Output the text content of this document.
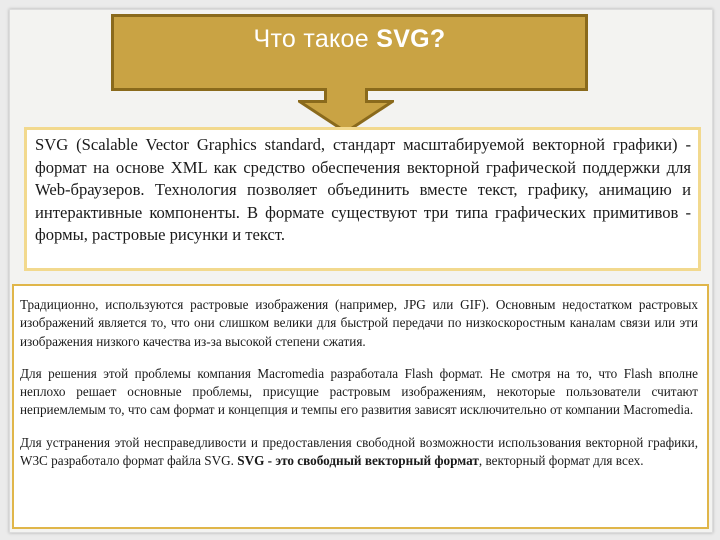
Что такое SVG?

SVG (Scalable Vector Graphics standard, стандарт масштабируемой векторной графики) - формат на основе XML как средство обеспечения векторной графической поддержки для Web-браузеров. Технология позволяет объединить вместе текст, графику, анимацию и интерактивные компоненты. В формате существуют три типа графических примитивов - формы, растровые рисунки и текст.

Традиционно, используются растровые изображения (например, JPG или GIF). Основным недостатком растровых изображений является то, что они слишком велики для быстрой передачи по низкоскоростным каналам связи или эти изображения низкого качества из-за высокой степени сжатия.

Для решения этой проблемы компания Macromedia разработала Flash формат. Не смотря на то, что Flash вполне неплохо решает основные проблемы, присущие растровым изображениям, некоторые пользователи считают неприемлемым то, что сам формат и концепция и темпы его развития зависят исключительно от компании Macromedia.

Для устранения этой несправедливости и предоставления свободной возможности использования векторной графики, W3C разработало формат файла SVG. SVG - это свободный векторный формат, векторный формат для всех.
